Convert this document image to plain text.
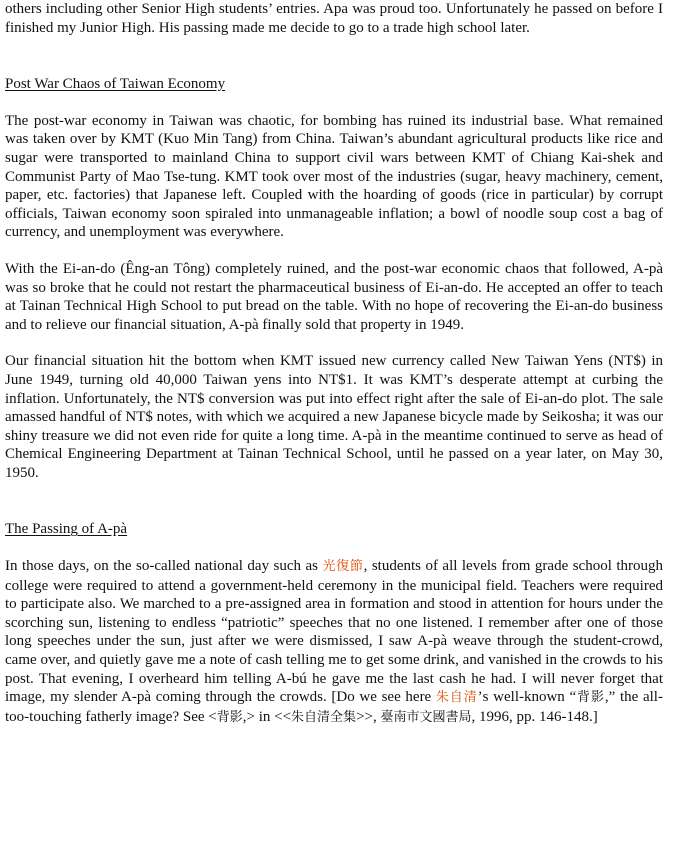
others including other Senior High students’ entries. Apa was proud too. Unfortunately he passed on before I finished my Junior High. His passing made me decide to go to a trade high school later.

Post War Chaos of Taiwan Economy

The post-war economy in Taiwan was chaotic, for bombing has ruined its industrial base. What remained was taken over by KMT (Kuo Min Tang) from China. Taiwan’s abundant agricultural products like rice and sugar were transported to mainland China to support civil wars between KMT of Chiang Kai-shek and Communist Party of Mao Tse-tung. KMT took over most of the industries (sugar, heavy machinery, cement, paper, etc. factories) that Japanese left. Coupled with the hoarding of goods (rice in particular) by corrupt officials, Taiwan economy soon spiraled into unmanageable inflation; a bowl of noodle soup cost a bag of currency, and unemployment was everywhere.

With the Ei-an-do (Êng-an Tông) completely ruined, and the post-war economic chaos that followed, A-pà was so broke that he could not restart the pharmaceutical business of Ei-an-do. He accepted an offer to teach at Tainan Technical High School to put bread on the table. With no hope of recovering the Ei-an-do business and to relieve our financial situation, A-pà finally sold that property in 1949.

Our financial situation hit the bottom when KMT issued new currency called New Taiwan Yens (NT$) in June 1949, turning old 40,000 Taiwan yens into NT$1. It was KMT’s desperate attempt at curbing the inflation. Unfortunately, the NT$ conversion was put into effect right after the sale of Ei-an-do plot. The sale amassed handful of NT$ notes, with which we acquired a new Japanese bicycle made by Seikosha; it was our shiny treasure we did not even ride for quite a long time. A-pà in the meantime continued to serve as head of Chemical Engineering Department at Tainan Technical School, until he passed on a year later, on May 30, 1950.

The Passing of A-pà

In those days, on the so-called national day such as 光復節, students of all levels from grade school through college were required to attend a government-held ceremony in the municipal field. Teachers were required to participate also. We marched to a pre-assigned area in formation and stood in attention for hours under the scorching sun, listening to endless “patriotic” speeches that no one listened. I remember after one of those long speeches under the sun, just after we were dismissed, I saw A-pà weave through the student-crowd, came over, and quietly gave me a note of cash telling me to get some drink, and vanished in the crowds to his post. That evening, I overheard him telling A-bú he gave me the last cash he had. I will never forget that image, my slender A-pà coming through the crowds. [Do we see here 朱自清’s well-known “背影,” the all-too-touching fatherly image? See <背影,> in <<朱自清全集>>, 臺南市文國書局, 1996, pp. 146-148.]
